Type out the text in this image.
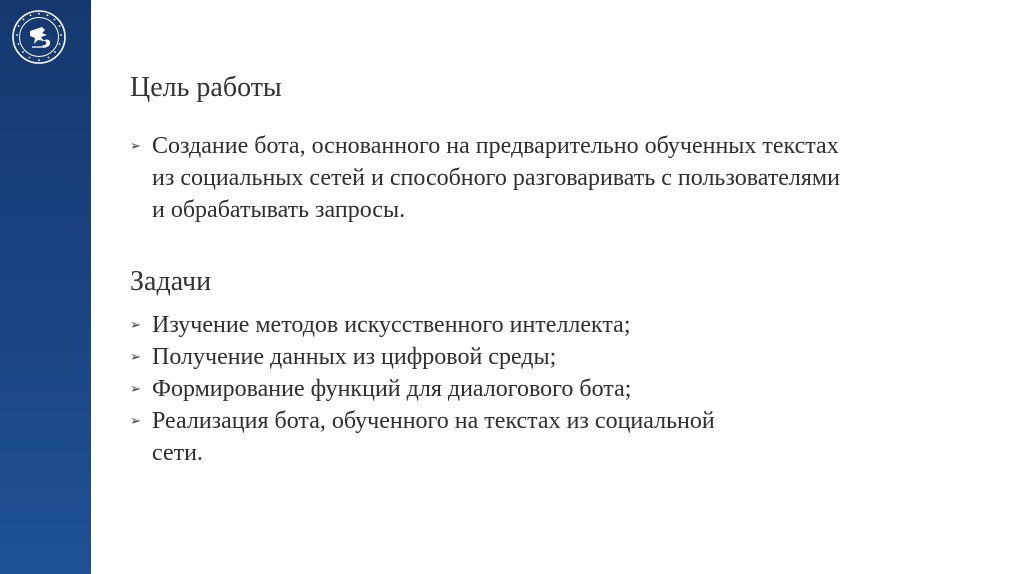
Цель работы
➢ Создание бота, основанного на предварительно обученных текстах
из социальных сетей и способного разговаривать с пользователями
и обрабатывать запросы.
Задачи
➢ Изучение методов искусственного интеллекта;
➢ Получение данных из цифровой среды;
➢ Формирование функций для диалогового бота;
➢ Реализация бота, обученного на текстах из социальной
сети.
